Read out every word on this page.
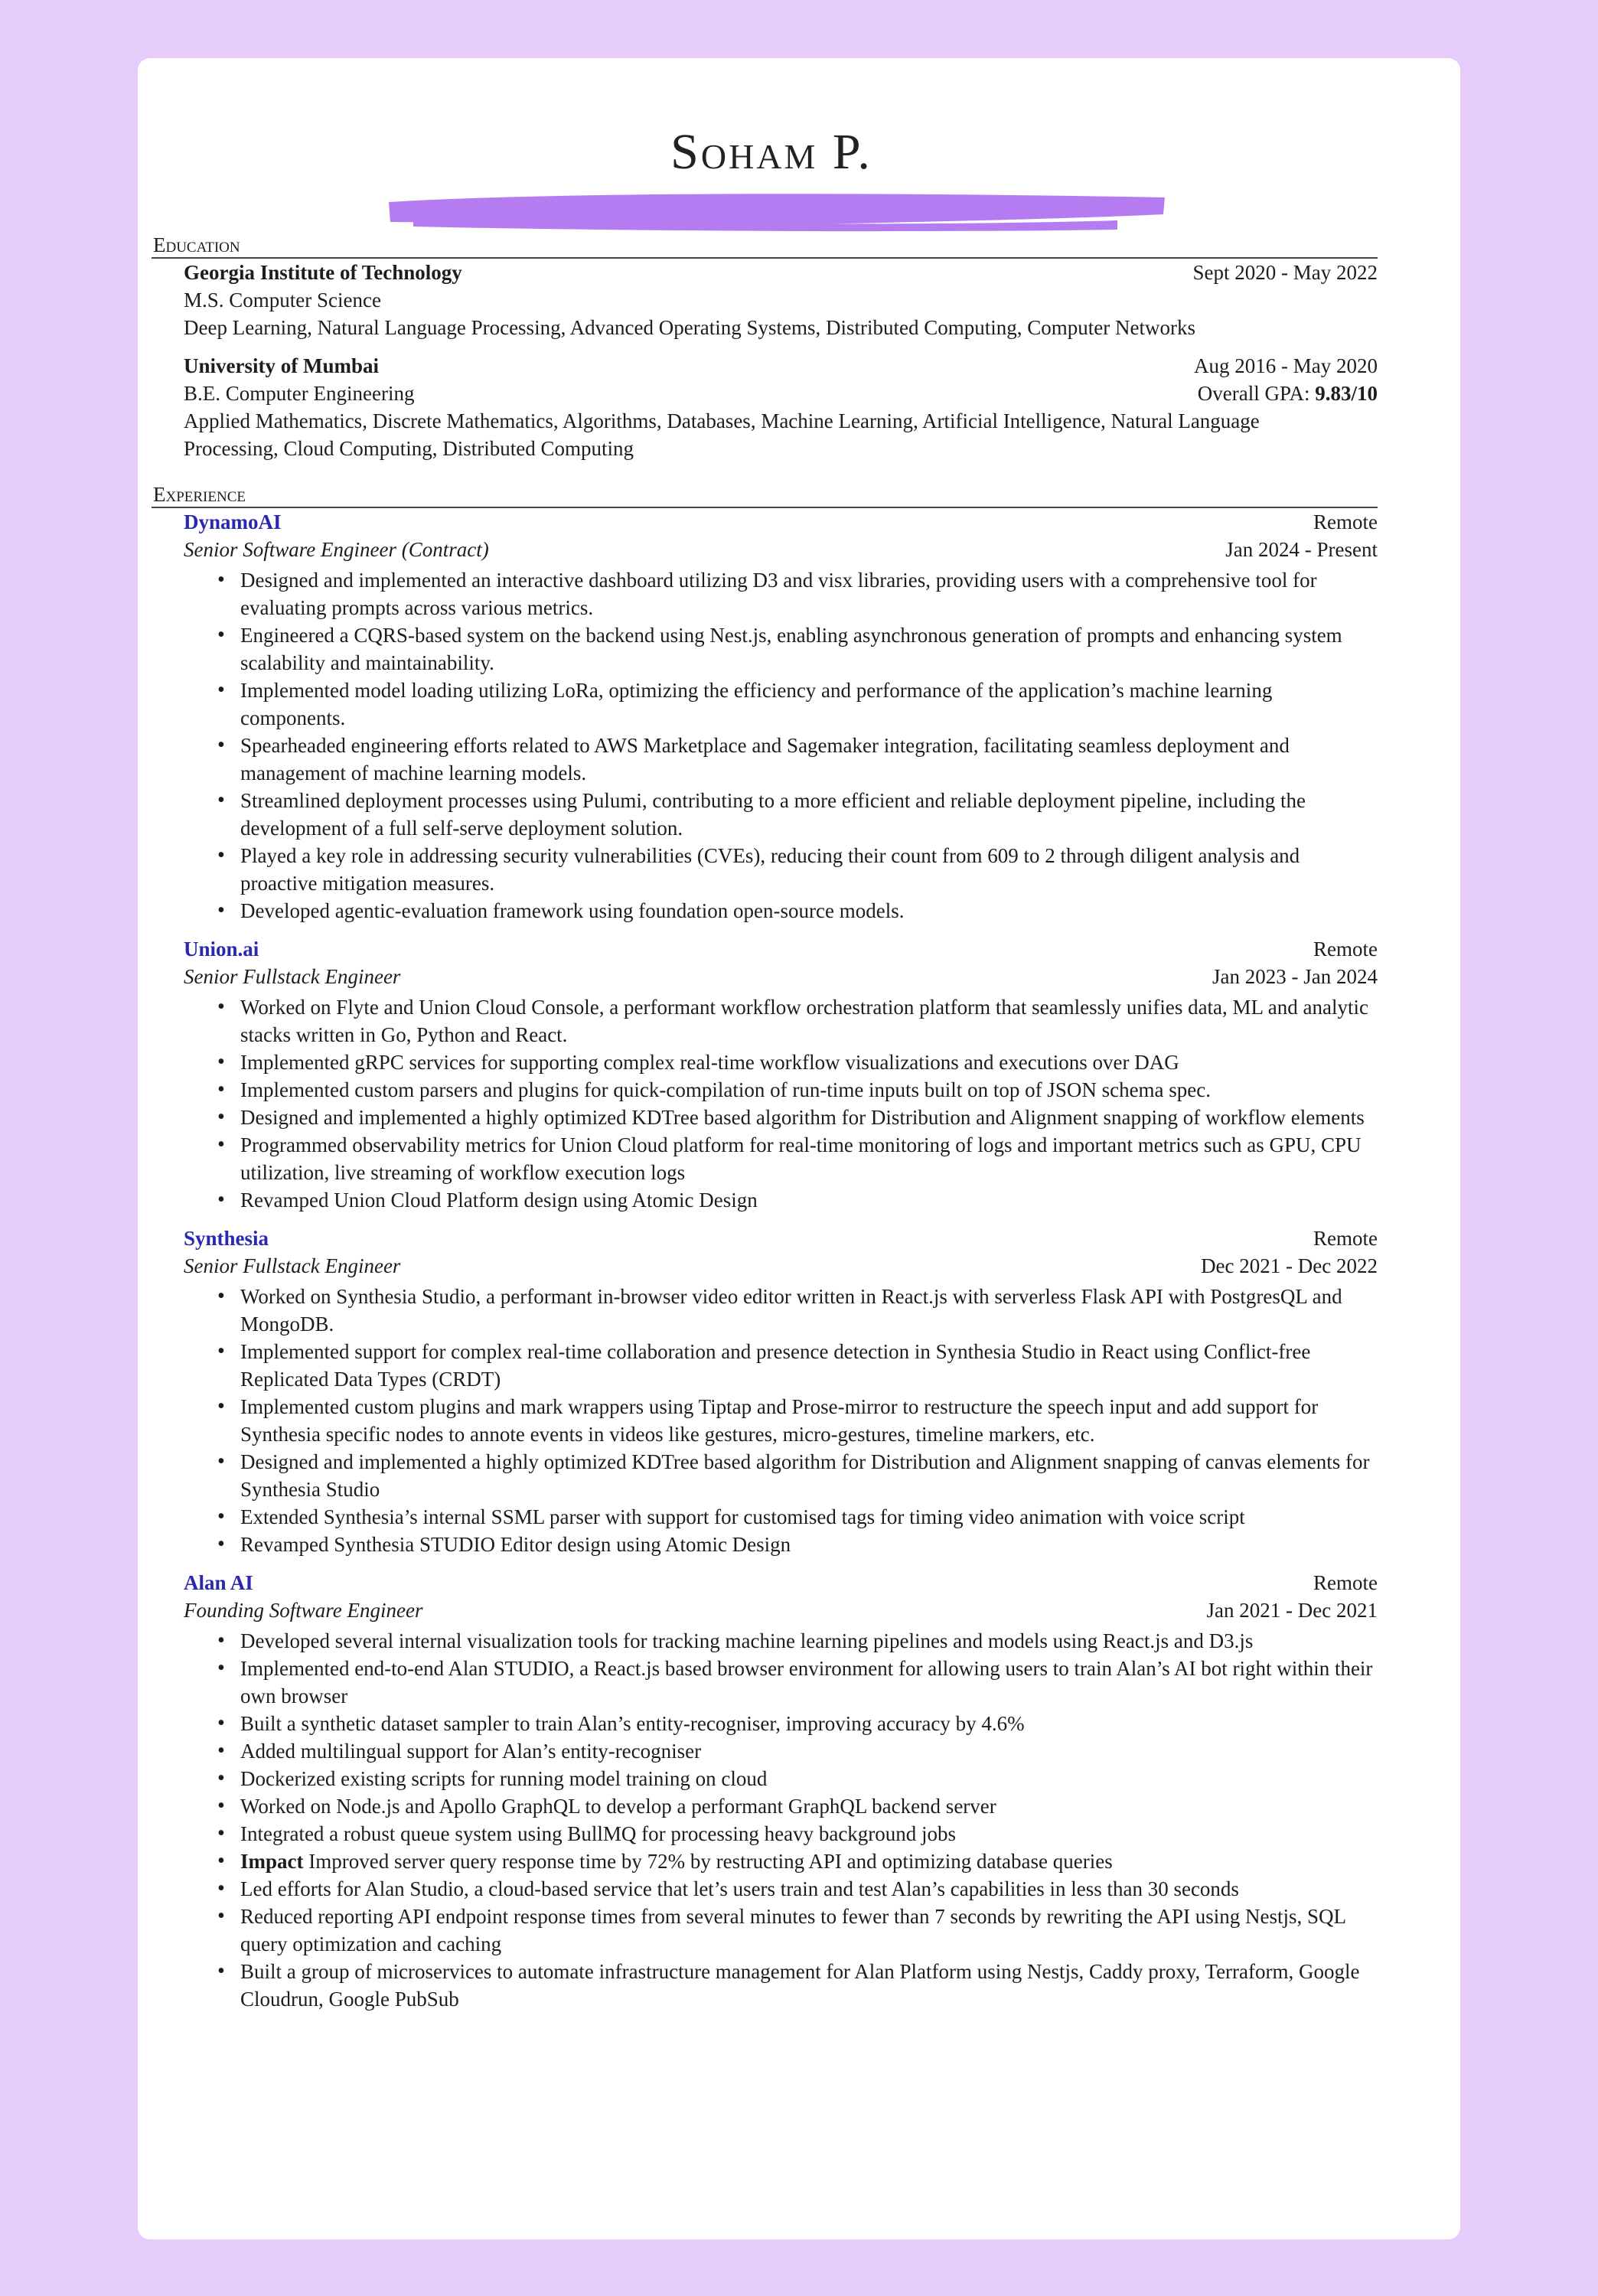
Soham P.
Education
Georgia Institute of Technology	Sept 2020 - May 2022
M.S. Computer Science
Deep Learning, Natural Language Processing, Advanced Operating Systems, Distributed Computing, Computer Networks
University of Mumbai	Aug 2016 - May 2020
B.E. Computer Engineering	Overall GPA: 9.83/10
Applied Mathematics, Discrete Mathematics, Algorithms, Databases, Machine Learning, Artificial Intelligence, Natural Language Processing, Cloud Computing, Distributed Computing
Experience
DynamoAI	Remote
Senior Software Engineer (Contract)	Jan 2024 - Present
• Designed and implemented an interactive dashboard utilizing D3 and visx libraries, providing users with a comprehensive tool for evaluating prompts across various metrics.
• Engineered a CQRS-based system on the backend using Nest.js, enabling asynchronous generation of prompts and enhancing system scalability and maintainability.
• Implemented model loading utilizing LoRa, optimizing the efficiency and performance of the application’s machine learning components.
• Spearheaded engineering efforts related to AWS Marketplace and Sagemaker integration, facilitating seamless deployment and management of machine learning models.
• Streamlined deployment processes using Pulumi, contributing to a more efficient and reliable deployment pipeline, including the development of a full self-serve deployment solution.
• Played a key role in addressing security vulnerabilities (CVEs), reducing their count from 609 to 2 through diligent analysis and proactive mitigation measures.
• Developed agentic-evaluation framework using foundation open-source models.
Union.ai	Remote
Senior Fullstack Engineer	Jan 2023 - Jan 2024
• Worked on Flyte and Union Cloud Console, a performant workflow orchestration platform that seamlessly unifies data, ML and analytic stacks written in Go, Python and React.
• Implemented gRPC services for supporting complex real-time workflow visualizations and executions over DAG
• Implemented custom parsers and plugins for quick-compilation of run-time inputs built on top of JSON schema spec.
• Designed and implemented a highly optimized KDTree based algorithm for Distribution and Alignment snapping of workflow elements
• Programmed observability metrics for Union Cloud platform for real-time monitoring of logs and important metrics such as GPU, CPU utilization, live streaming of workflow execution logs
• Revamped Union Cloud Platform design using Atomic Design
Synthesia	Remote
Senior Fullstack Engineer	Dec 2021 - Dec 2022
• Worked on Synthesia Studio, a performant in-browser video editor written in React.js with serverless Flask API with PostgresQL and MongoDB.
• Implemented support for complex real-time collaboration and presence detection in Synthesia Studio in React using Conflict-free Replicated Data Types (CRDT)
• Implemented custom plugins and mark wrappers using Tiptap and Prose-mirror to restructure the speech input and add support for Synthesia specific nodes to annote events in videos like gestures, micro-gestures, timeline markers, etc.
• Designed and implemented a highly optimized KDTree based algorithm for Distribution and Alignment snapping of canvas elements for Synthesia Studio
• Extended Synthesia’s internal SSML parser with support for customised tags for timing video animation with voice script
• Revamped Synthesia STUDIO Editor design using Atomic Design
Alan AI	Remote
Founding Software Engineer	Jan 2021 - Dec 2021
• Developed several internal visualization tools for tracking machine learning pipelines and models using React.js and D3.js
• Implemented end-to-end Alan STUDIO, a React.js based browser environment for allowing users to train Alan’s AI bot right within their own browser
• Built a synthetic dataset sampler to train Alan’s entity-recogniser, improving accuracy by 4.6%
• Added multilingual support for Alan’s entity-recogniser
• Dockerized existing scripts for running model training on cloud
• Worked on Node.js and Apollo GraphQL to develop a performant GraphQL backend server
• Integrated a robust queue system using BullMQ for processing heavy background jobs
• Impact Improved server query response time by 72% by restructing API and optimizing database queries
• Led efforts for Alan Studio, a cloud-based service that let’s users train and test Alan’s capabilities in less than 30 seconds
• Reduced reporting API endpoint response times from several minutes to fewer than 7 seconds by rewriting the API using Nestjs, SQL query optimization and caching
• Built a group of microservices to automate infrastructure management for Alan Platform using Nestjs, Caddy proxy, Terraform, Google Cloudrun, Google PubSub
